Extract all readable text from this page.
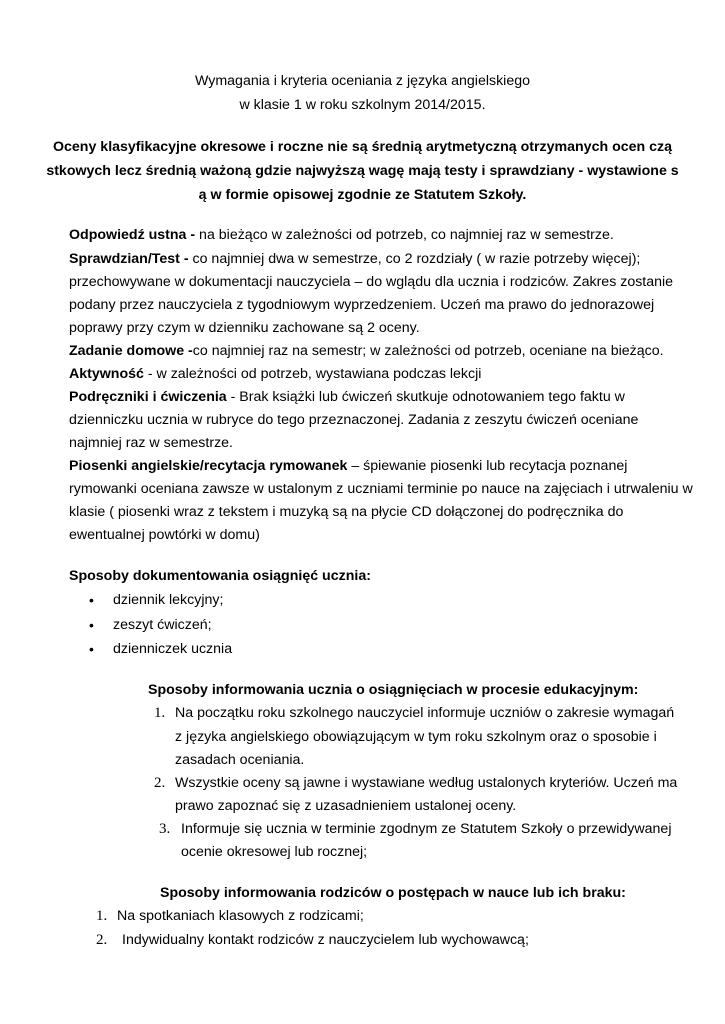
Wymagania i kryteria oceniania z języka angielskiego
w klasie 1 w roku szkolnym 2014/2015.
Oceny klasyfikacyjne okresowe i roczne nie są średnią arytmetyczną otrzymanych ocen czą
stkowych lecz średnią ważoną gdzie najwyższą wagę mają testy i sprawdziany - wystawione s
ą w formie opisowej zgodnie ze Statutem Szkoły.
Odpowiedź ustna - na bieżąco w zależności od potrzeb, co najmniej raz w semestrze.
Sprawdzian/Test - co najmniej dwa w semestrze, co 2 rozdziały ( w razie potrzeby więcej);
przechowywane w dokumentacji nauczyciela – do wglądu dla ucznia i rodziców. Zakres zostanie
podany przez nauczyciela z tygodniowym wyprzedzeniem. Uczeń ma prawo do jednorazowej
poprawy przy czym w dzienniku zachowane są 2 oceny.
Zadanie domowe -co najmniej raz na semestr; w zależności od potrzeb, oceniane na bieżąco.
Aktywność - w zależności od potrzeb, wystawiana podczas lekcji
Podręczniki i ćwiczenia - Brak książki lub ćwiczeń skutkuje odnotowaniem tego faktu w
dzienniczku ucznia w rubryce do tego przeznaczonej. Zadania z zeszytu ćwiczeń oceniane
najmniej raz w semestrze.
Piosenki angielskie/recytacja rymowanek – śpiewanie piosenki lub recytacja poznanej
rymowanki oceniana zawsze w ustalonym z uczniami terminie po nauce na zajęciach i utrwaleniu w
klasie ( piosenki wraz z tekstem i muzyką są na płycie CD dołączonej do podręcznika do
ewentualnej powtórki w domu)
Sposoby dokumentowania osiągnięć ucznia:
• dziennik lekcyjny;
• zeszyt ćwiczeń;
• dzienniczek ucznia
Sposoby informowania ucznia o osiągnięciach w procesie edukacyjnym:
1. Na początku roku szkolnego nauczyciel informuje uczniów o zakresie wymagań
z języka angielskiego obowiązującym w tym roku szkolnym oraz o sposobie i
zasadach oceniania.
2. Wszystkie oceny są jawne i wystawiane według ustalonych kryteriów. Uczeń ma
prawo zapoznać się z uzasadnieniem ustalonej oceny.
3. Informuje się ucznia w terminie zgodnym ze Statutem Szkoły o przewidywanej
ocenie okresowej lub rocznej;
Sposoby informowania rodziców o postępach w nauce lub ich braku:
1. Na spotkaniach klasowych z rodzicami;
2. Indywidualny kontakt rodziców z nauczycielem lub wychowawcą;
